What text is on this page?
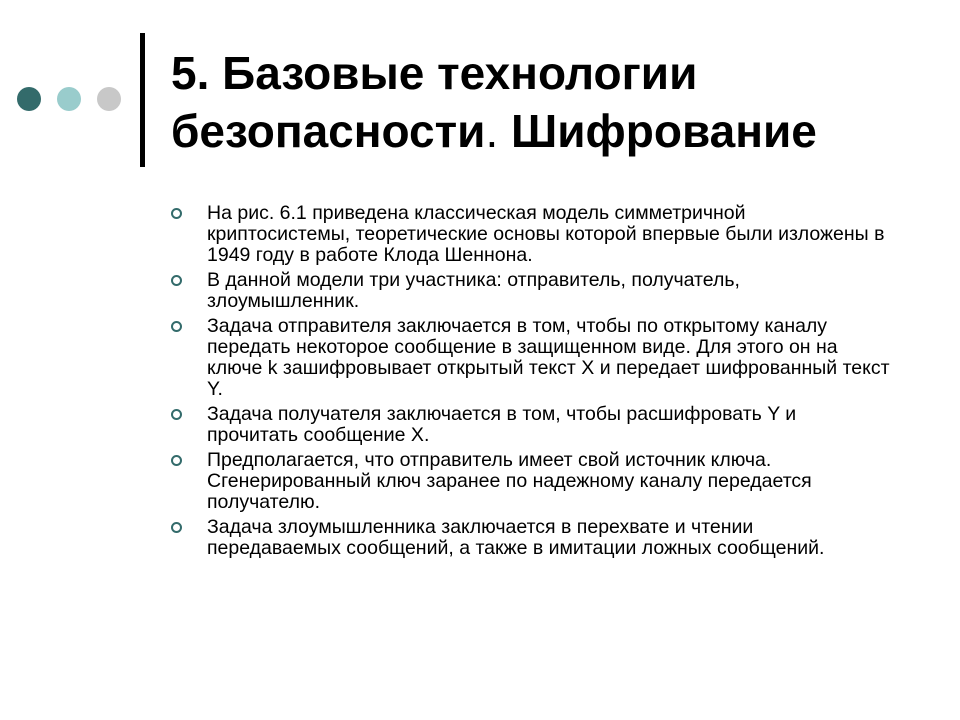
5. Базовые технологии безопасности. Шифрование
На рис. 6.1 приведена классическая модель симметричной криптосистемы, теоретические основы которой впервые были изложены в 1949 году в работе Клода Шеннона.
В данной модели три участника: отправитель, получатель, злоумышленник.
Задача отправителя заключается в том, чтобы по открытому каналу передать некоторое сообщение в защищенном виде. Для этого он на ключе k зашифровывает открытый текст X и передает шифрованный текст Y.
Задача получателя заключается в том, чтобы расшифровать Y и прочитать сообщение X.
Предполагается, что отправитель имеет свой источник ключа. Сгенерированный ключ заранее по надежному каналу передается получателю.
Задача злоумышленника заключается в перехвате и чтении передаваемых сообщений, а также в имитации ложных сообщений.
